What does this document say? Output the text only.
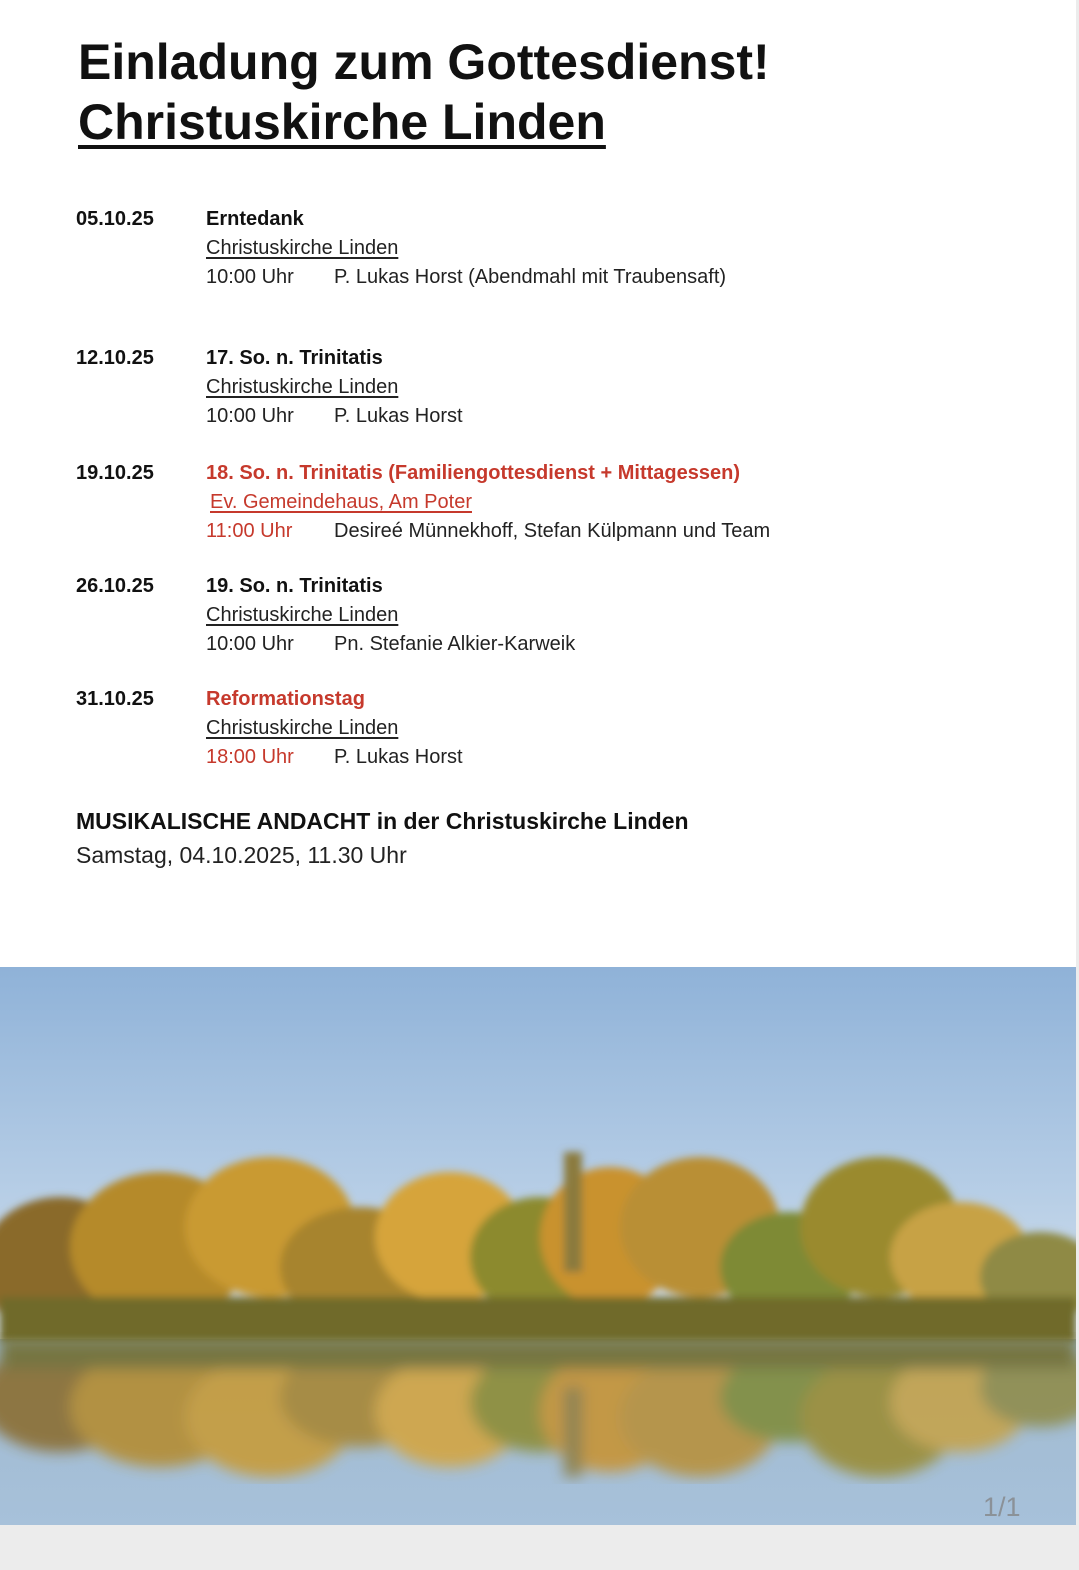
Einladung zum Gottesdienst!
Christuskirche Linden
05.10.25	Erntedank
Christuskirche Linden
10:00 Uhr P. Lukas Horst (Abendmahl mit Traubensaft)
12.10.25	17. So. n. Trinitatis
Christuskirche Linden
10:00 Uhr P. Lukas Horst
19.10.25	18. So. n. Trinitatis (Familiengottesdienst + Mittagessen)
Ev. Gemeindehaus, Am Poter
11:00 Uhr Desireé Münnekhoff, Stefan Külpmann und Team
26.10.25	19. So. n. Trinitatis
Christuskirche Linden
10:00 Uhr Pn. Stefanie Alkier-Karweik
31.10.25	Reformationstag
Christuskirche Linden
18:00 Uhr P. Lukas Horst
MUSIKALISCHE ANDACHT in der Christuskirche Linden
Samstag, 04.10.2025, 11.30 Uhr
1/1
